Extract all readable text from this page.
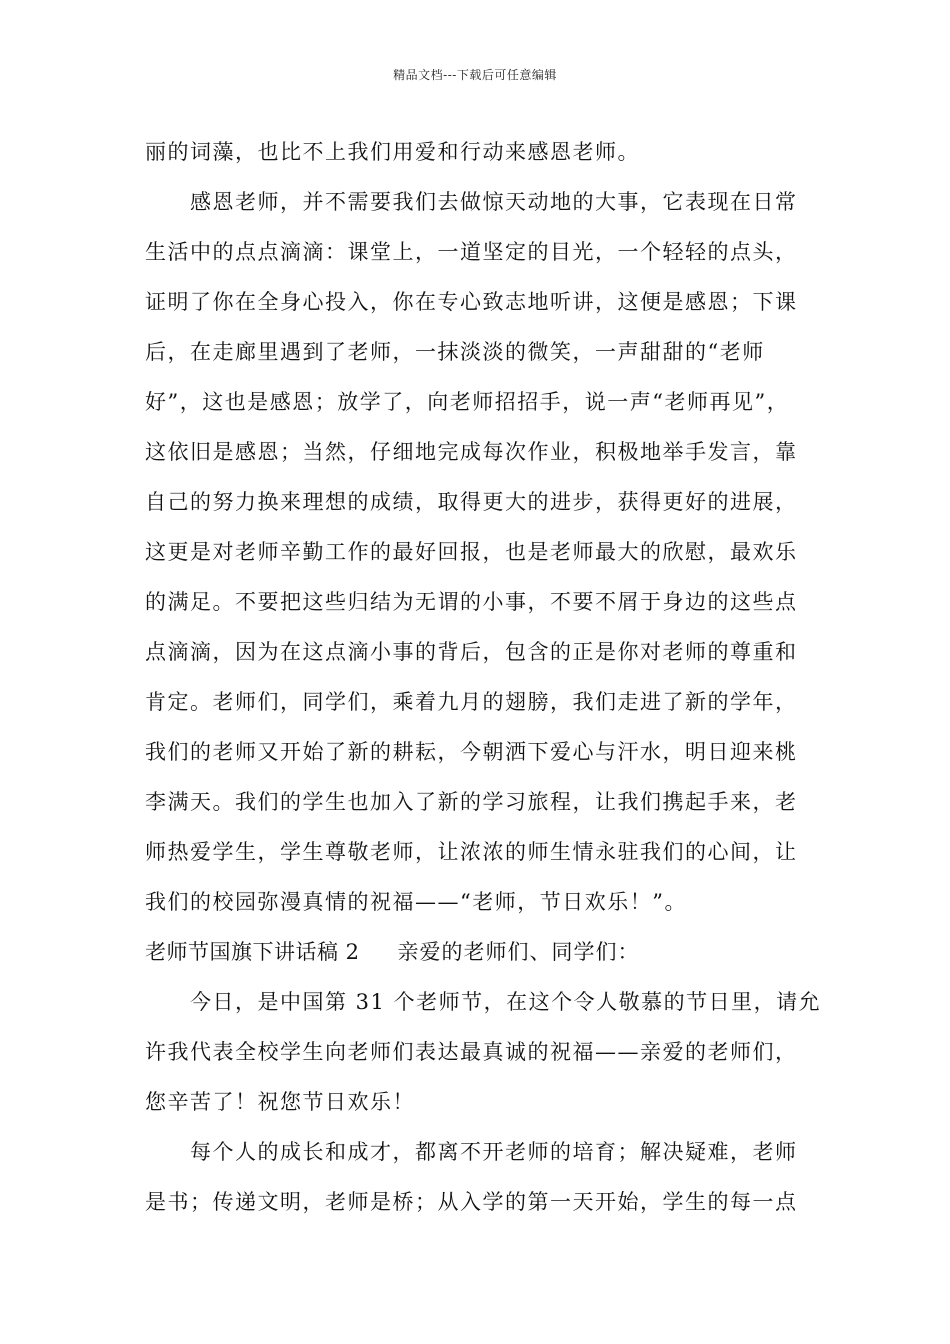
精品文档---下载后可任意编辑
丽的词藻，也比不上我们用爱和行动来感恩老师。
感恩老师，并不需要我们去做惊天动地的大事，它表现在日常
生活中的点点滴滴：课堂上，一道坚定的目光，一个轻轻的点头，
证明了你在全身心投入，你在专心致志地听讲，这便是感恩；下课
后，在走廊里遇到了老师，一抹淡淡的微笑，一声甜甜的“老师
好”，这也是感恩；放学了，向老师招招手，说一声“老师再见”，
这依旧是感恩；当然，仔细地完成每次作业，积极地举手发言，靠
自己的努力换来理想的成绩，取得更大的进步，获得更好的进展，
这更是对老师辛勤工作的最好回报，也是老师最大的欣慰，最欢乐
的满足。不要把这些归结为无谓的小事，不要不屑于身边的这些点
点滴滴，因为在这点滴小事的背后，包含的正是你对老师的尊重和
肯定。老师们，同学们，乘着九月的翅膀，我们走进了新的学年，
我们的老师又开始了新的耕耘，今朝洒下爱心与汗水，明日迎来桃
李满天。我们的学生也加入了新的学习旅程，让我们携起手来，老
师热爱学生，学生尊敬老师，让浓浓的师生情永驻我们的心间，让
我们的校园弥漫真情的祝福——“老师，节日欢乐！”。
老师节国旗下讲话稿 2 亲爱的老师们、同学们：
今日，是中国第 31 个老师节，在这个令人敬慕的节日里，请允
许我代表全校学生向老师们表达最真诚的祝福——亲爱的老师们，
您辛苦了！祝您节日欢乐！
每个人的成长和成才，都离不开老师的培育；解决疑难，老师
是书；传递文明，老师是桥；从入学的第一天开始，学生的每一点
